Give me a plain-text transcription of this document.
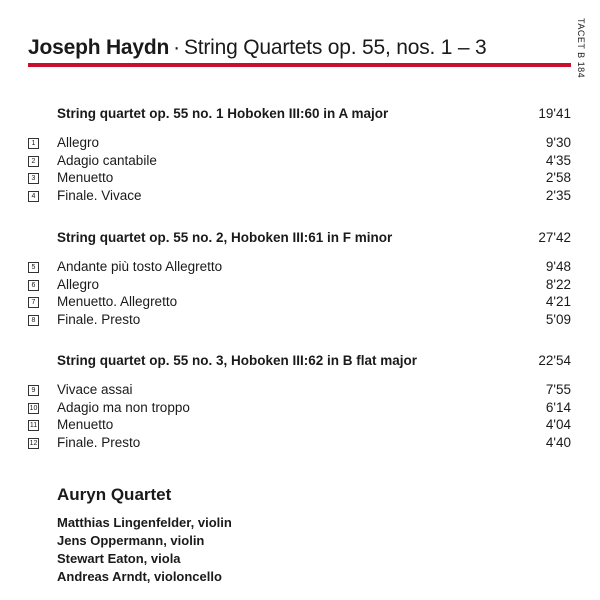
Joseph Haydn · String Quartets op. 55, nos. 1 – 3	TACET B 184
String quartet op. 55 no. 1 Hoboken III:60 in A major	19'41
1 Allegro	9'30
2 Adagio cantabile	4'35
3 Menuetto	2'58
4 Finale. Vivace	2'35
String quartet op. 55 no. 2, Hoboken III:61 in F minor	27'42
5 Andante più tosto Allegretto	9'48
6 Allegro	8'22
7 Menuetto. Allegretto	4'21
8 Finale. Presto	5'09
String quartet op. 55 no. 3, Hoboken III:62 in B flat major	22'54
9 Vivace assai	7'55
10 Adagio ma non troppo	6'14
11 Menuetto	4'04
12 Finale. Presto	4'40
Auryn Quartet
Matthias Lingenfelder, violin
Jens Oppermann, violin
Stewart Eaton, viola
Andreas Arndt, violoncello
